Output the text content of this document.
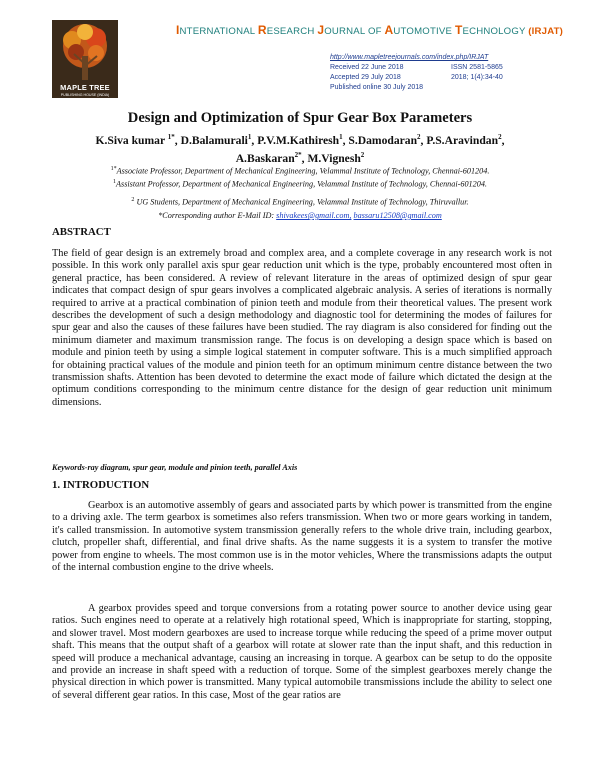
MAPLE TREE
PUBLISHING HOUSE (INDIA)
INTERNATIONAL RESEARCH JOURNAL OF AUTOMOTIVE TECHNOLOGY (IRJAT)
http://www.mapletreejournals.com/index.php/IRJAT
Received 22 June 2018	ISSN 2581-5865
Accepted 29 July 2018	2018; 1(4):34-40
Published online 30 July 2018
Design and Optimization of Spur Gear Box Parameters
K.Siva kumar $^{1*}$, D.Balamurali$^1$, P.V.M.Kathiresh$^1$, S.Damodaran$^2$, P.S.Aravindan$^2$,
A.Baskaran$^{2*}$, M.Vignesh$^2$
$^{1*}$Associate Professor, Department of Mechanical Engineering, Velammal Institute of Technology, Chennai-601204.
$^1$Assistant Professor, Department of Mechanical Engineering, Velammal Institute of Technology, Chennai-601204.
$^2$ UG Students, Department of Mechanical Engineering, Velammal Institute of Technology, Thiruvallur.
*Corresponding author E-Mail ID: shivakees@gmail.com, bassaru12508@gmail.com
ABSTRACT
The field of gear design is an extremely broad and complex area, and a complete coverage in any research work is not possible. In this work only parallel axis spur gear reduction unit which is the type, probably encountered most often in general practice, has been considered. A review of relevant literature in the areas of optimized design of spur gear indicates that compact design of spur gears involves a complicated algebraic analysis. A series of iterations is normally required to arrive at a practical combination of pinion teeth and module from their theoretical values. The present work describes the development of such a design methodology and diagnostic tool for determining the modes of failures for spur gear and also the causes of these failures have been studied. The ray diagram is also considered for finding out the minimum diameter and maximum transmission range. The focus is on developing a design space which is based on module and pinion teeth by using a simple logical statement in computer software. This is a much simplified approach for obtaining practical values of the module and pinion teeth for an optimum minimum centre distance between the two transmission shafts. Attention has been devoted to determine the exact mode of failure which dictated the design at the optimum conditions corresponding to the minimum centre distance for the design of gear reduction unit minimum dimensions.
Keywords-ray diagram, spur gear, module and pinion teeth, parallel Axis
1. INTRODUCTION
Gearbox is an automotive assembly of gears and associated parts by which power is transmitted from the engine to a driving axle. The term gearbox is sometimes also refers transmission. When two or more gears working in tandem, it's called transmission. In automotive system transmission generally refers to the whole drive train, including gearbox, clutch, propeller shaft, differential, and final drive shafts. As the name suggests it is a system to transfer the motive power from engine to wheels. The most common use is in the motor vehicles, Where the transmissions adapts the output of the internal combustion engine to the drive wheels.
A gearbox provides speed and torque conversions from a rotating power source to another device using gear ratios. Such engines need to operate at a relatively high rotational speed, Which is inappropriate for starting, stopping, and slower travel. Most modern gearboxes are used to increase torque while reducing the speed of a prime mover output shaft. This means that the output shaft of a gearbox will rotate at slower rate than the input shaft, and this reduction in speed will produce a mechanical advantage, causing an increasing in torque. A gearbox can be setup to do the opposite and provide an increase in shaft speed with a reduction of torque. Some of the simplest gearboxes merely change the physical direction in which power is transmitted. Many typical automobile transmissions include the ability to select one of several different gear ratios. In this case, Most of the gear ratios are
